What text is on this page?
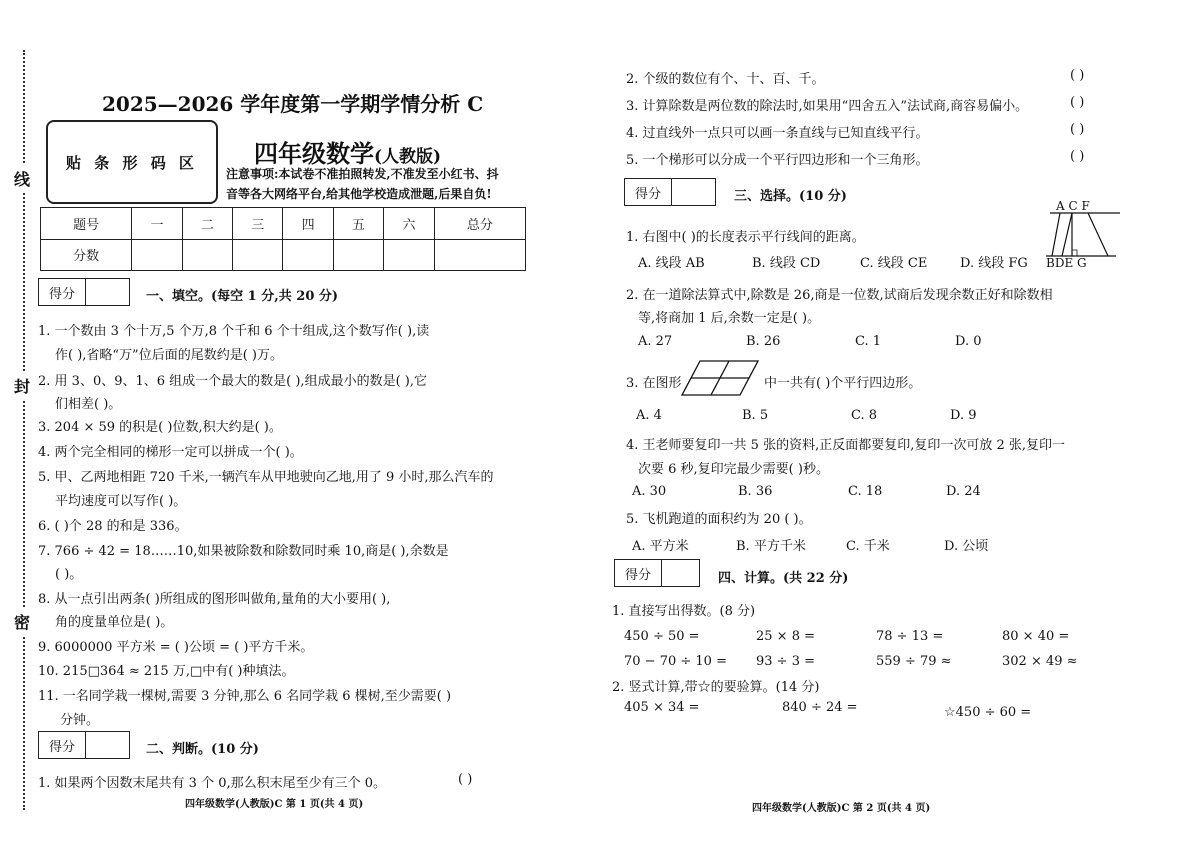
线
封
密
2025—2026 学年度第一学期学情分析 C
贴 条 形 码 区 四年级数学(人教版)
注意事项:本试卷不准拍照转发,不准发至小红书、抖
音等各大网络平台,给其他学校造成泄题,后果自负!
题号	一	二	三	四	五	六	总分
分数							
得分	一、填空。(每空 1 分,共 20 分)
1. 一个数由 3 个十万,5 个万,8 个千和 6 个十组成,这个数写作( ),读
作( ),省略“万”位后面的尾数约是( )万。
2. 用 3、0、9、1、6 组成一个最大的数是( ),组成最小的数是( ),它
们相差( )。
3. 204 × 59 的积是( )位数,积大约是( )。
4. 两个完全相同的梯形一定可以拼成一个( )。
5. 甲、乙两地相距 720 千米,一辆汽车从甲地驶向乙地,用了 9 小时,那么汽车的
平均速度可以写作( )。
6. ( )个 28 的和是 336。
7. 766 ÷ 42 = 18……10,如果被除数和除数同时乘 10,商是( ),余数是
( )。
8. 从一点引出两条( )所组成的图形叫做角,量角的大小要用( ),
角的度量单位是( )。
9. 6000000 平方米 = ( )公顷 = ( )平方千米。
10. 215□364 ≈ 215 万,□中有( )种填法。
11. 一名同学栽一棵树,需要 3 分钟,那么 6 名同学栽 6 棵树,至少需要( )
分钟。
得分	二、判断。(10 分)
1. 如果两个因数末尾共有 3 个 0,那么积末尾至少有三个 0。	( )
四年级数学(人教版)C 第 1 页(共 4 页)
2. 个级的数位有个、十、百、千。	( )
3. 计算除数是两位数的除法时,如果用“四舍五入”法试商,商容易偏小。	( )
4. 过直线外一点只可以画一条直线与已知直线平行。	( )
5. 一个梯形可以分成一个平行四边形和一个三角形。	( )
得分	三、选择。(10 分)
A C F
BDE G
1. 右图中( )的长度表示平行线间的距离。
A. 线段 AB	B. 线段 CD	C. 线段 CE	D. 线段 FG
2. 在一道除法算式中,除数是 26,商是一位数,试商后发现余数正好和除数相
等,将商加 1 后,余数一定是( )。
A. 27	B. 26	C. 1	D. 0
3. 在图形	中一共有( )个平行四边形。
A. 4	B. 5	C. 8	D. 9
4. 王老师要复印一共 5 张的资料,正反面都要复印,复印一次可放 2 张,复印一
次要 6 秒,复印完最少需要( )秒。
A. 30	B. 36	C. 18	D. 24
5. 飞机跑道的面积约为 20 ( )。
A. 平方米	B. 平方千米	C. 千米	D. 公顷
得分	四、计算。(共 22 分)
1. 直接写出得数。(8 分)
450 ÷ 50 =	25 × 8 =	78 ÷ 13 =	80 × 40 =
70 − 70 ÷ 10 = 93 ÷ 3 =	559 ÷ 79 ≈	302 × 49 ≈
2. 竖式计算,带☆的要验算。(14 分)
405 × 34 =	840 ÷ 24 =	☆450 ÷ 60 =
四年级数学(人教版)C 第 2 页(共 4 页)
